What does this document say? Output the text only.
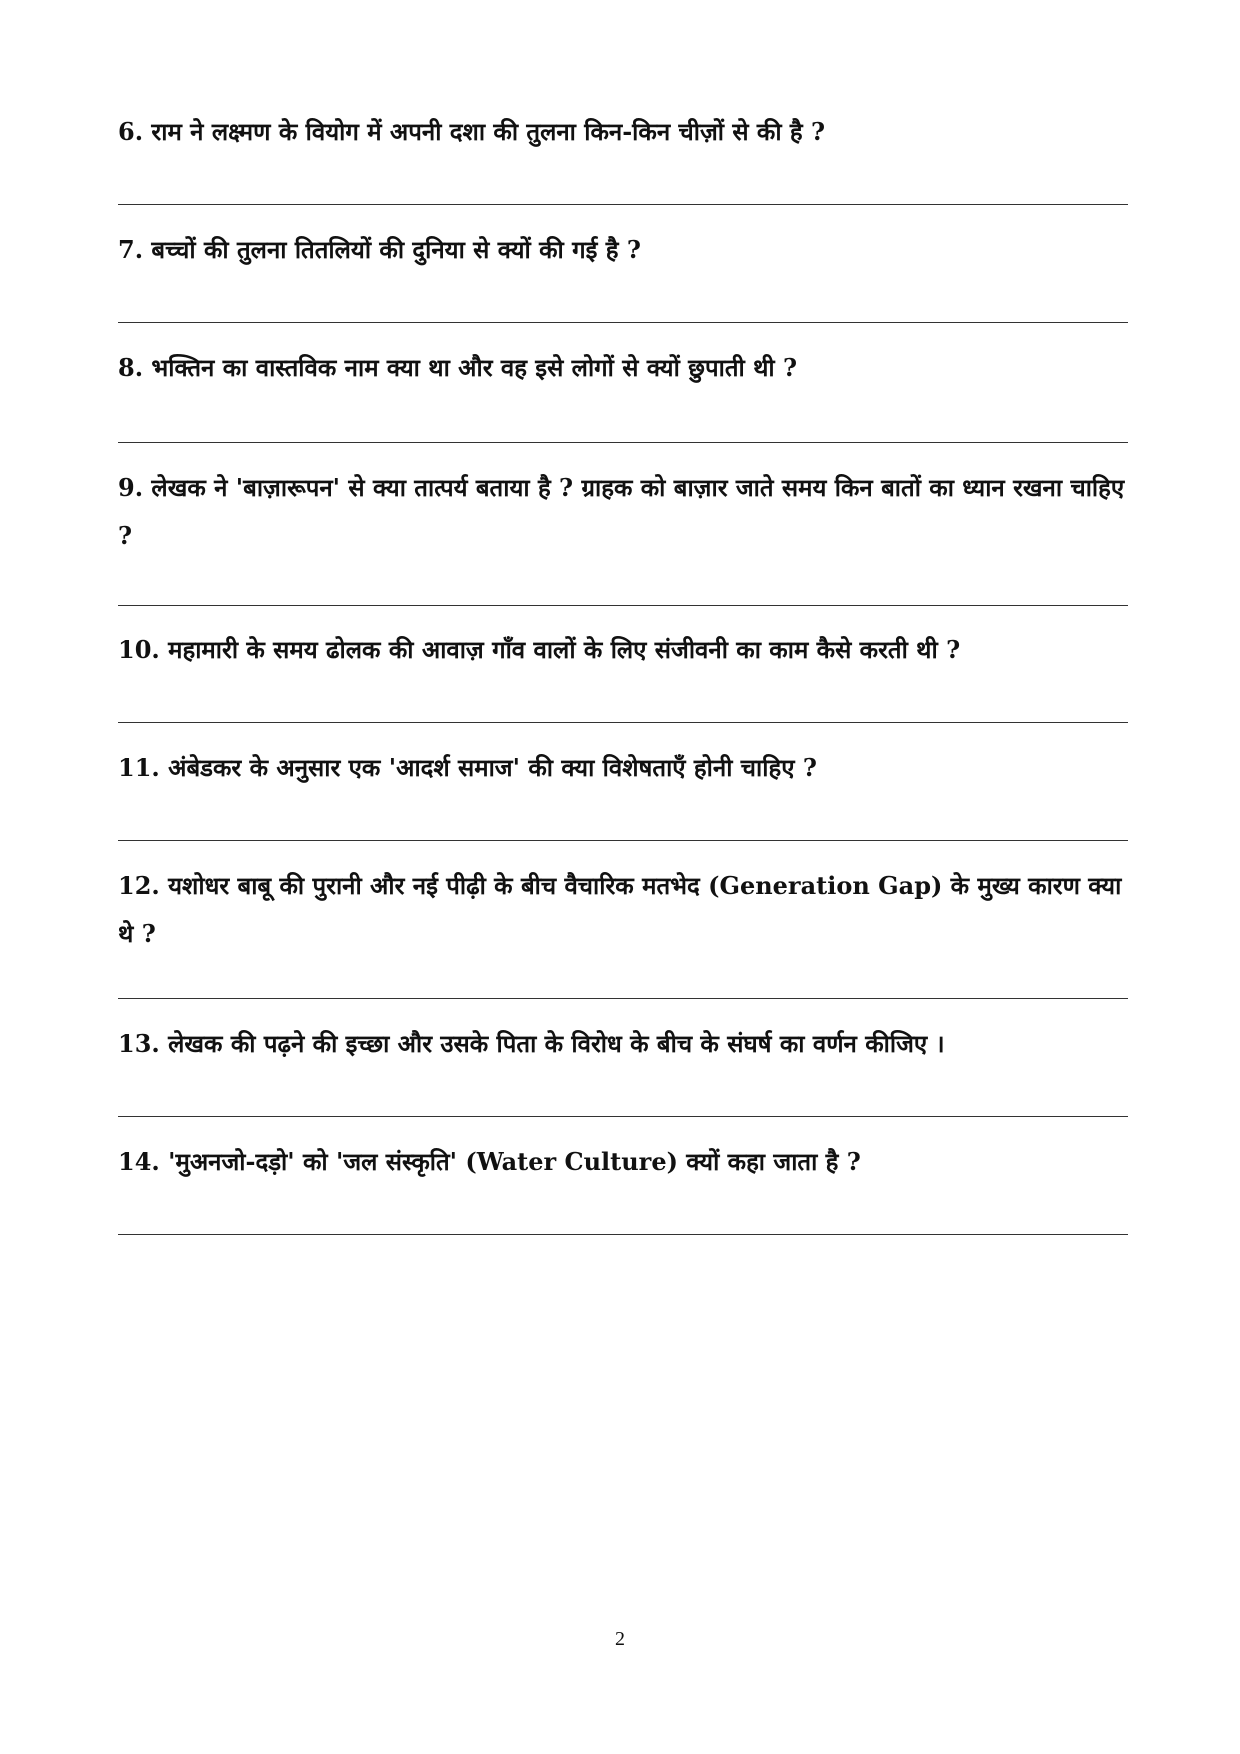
6. राम ने लक्ष्मण के वियोग में अपनी दशा की तुलना किन-किन चीज़ों से की है ?
7. बच्चों की तुलना तितलियों की दुनिया से क्यों की गई है ?
8. भक्तिन का वास्तविक नाम क्या था और वह इसे लोगों से क्यों छुपाती थी ?
9. लेखक ने 'बाज़ारूपन' से क्या तात्पर्य बताया है ? ग्राहक को बाज़ार जाते समय किन बातों का ध्यान रखना चाहिए ?
10. महामारी के समय ढोलक की आवाज़ गाँव वालों के लिए संजीवनी का काम कैसे करती थी ?
11. अंबेडकर के अनुसार एक 'आदर्श समाज' की क्या विशेषताएँ होनी चाहिए ?
12. यशोधर बाबू की पुरानी और नई पीढ़ी के बीच वैचारिक मतभेद (Generation Gap) के मुख्य कारण क्या थे ?
13. लेखक की पढ़ने की इच्छा और उसके पिता के विरोध के बीच के संघर्ष का वर्णन कीजिए ।
14. 'मुअनजो-दड़ो' को 'जल संस्कृति' (Water Culture) क्यों कहा जाता है ?
2
